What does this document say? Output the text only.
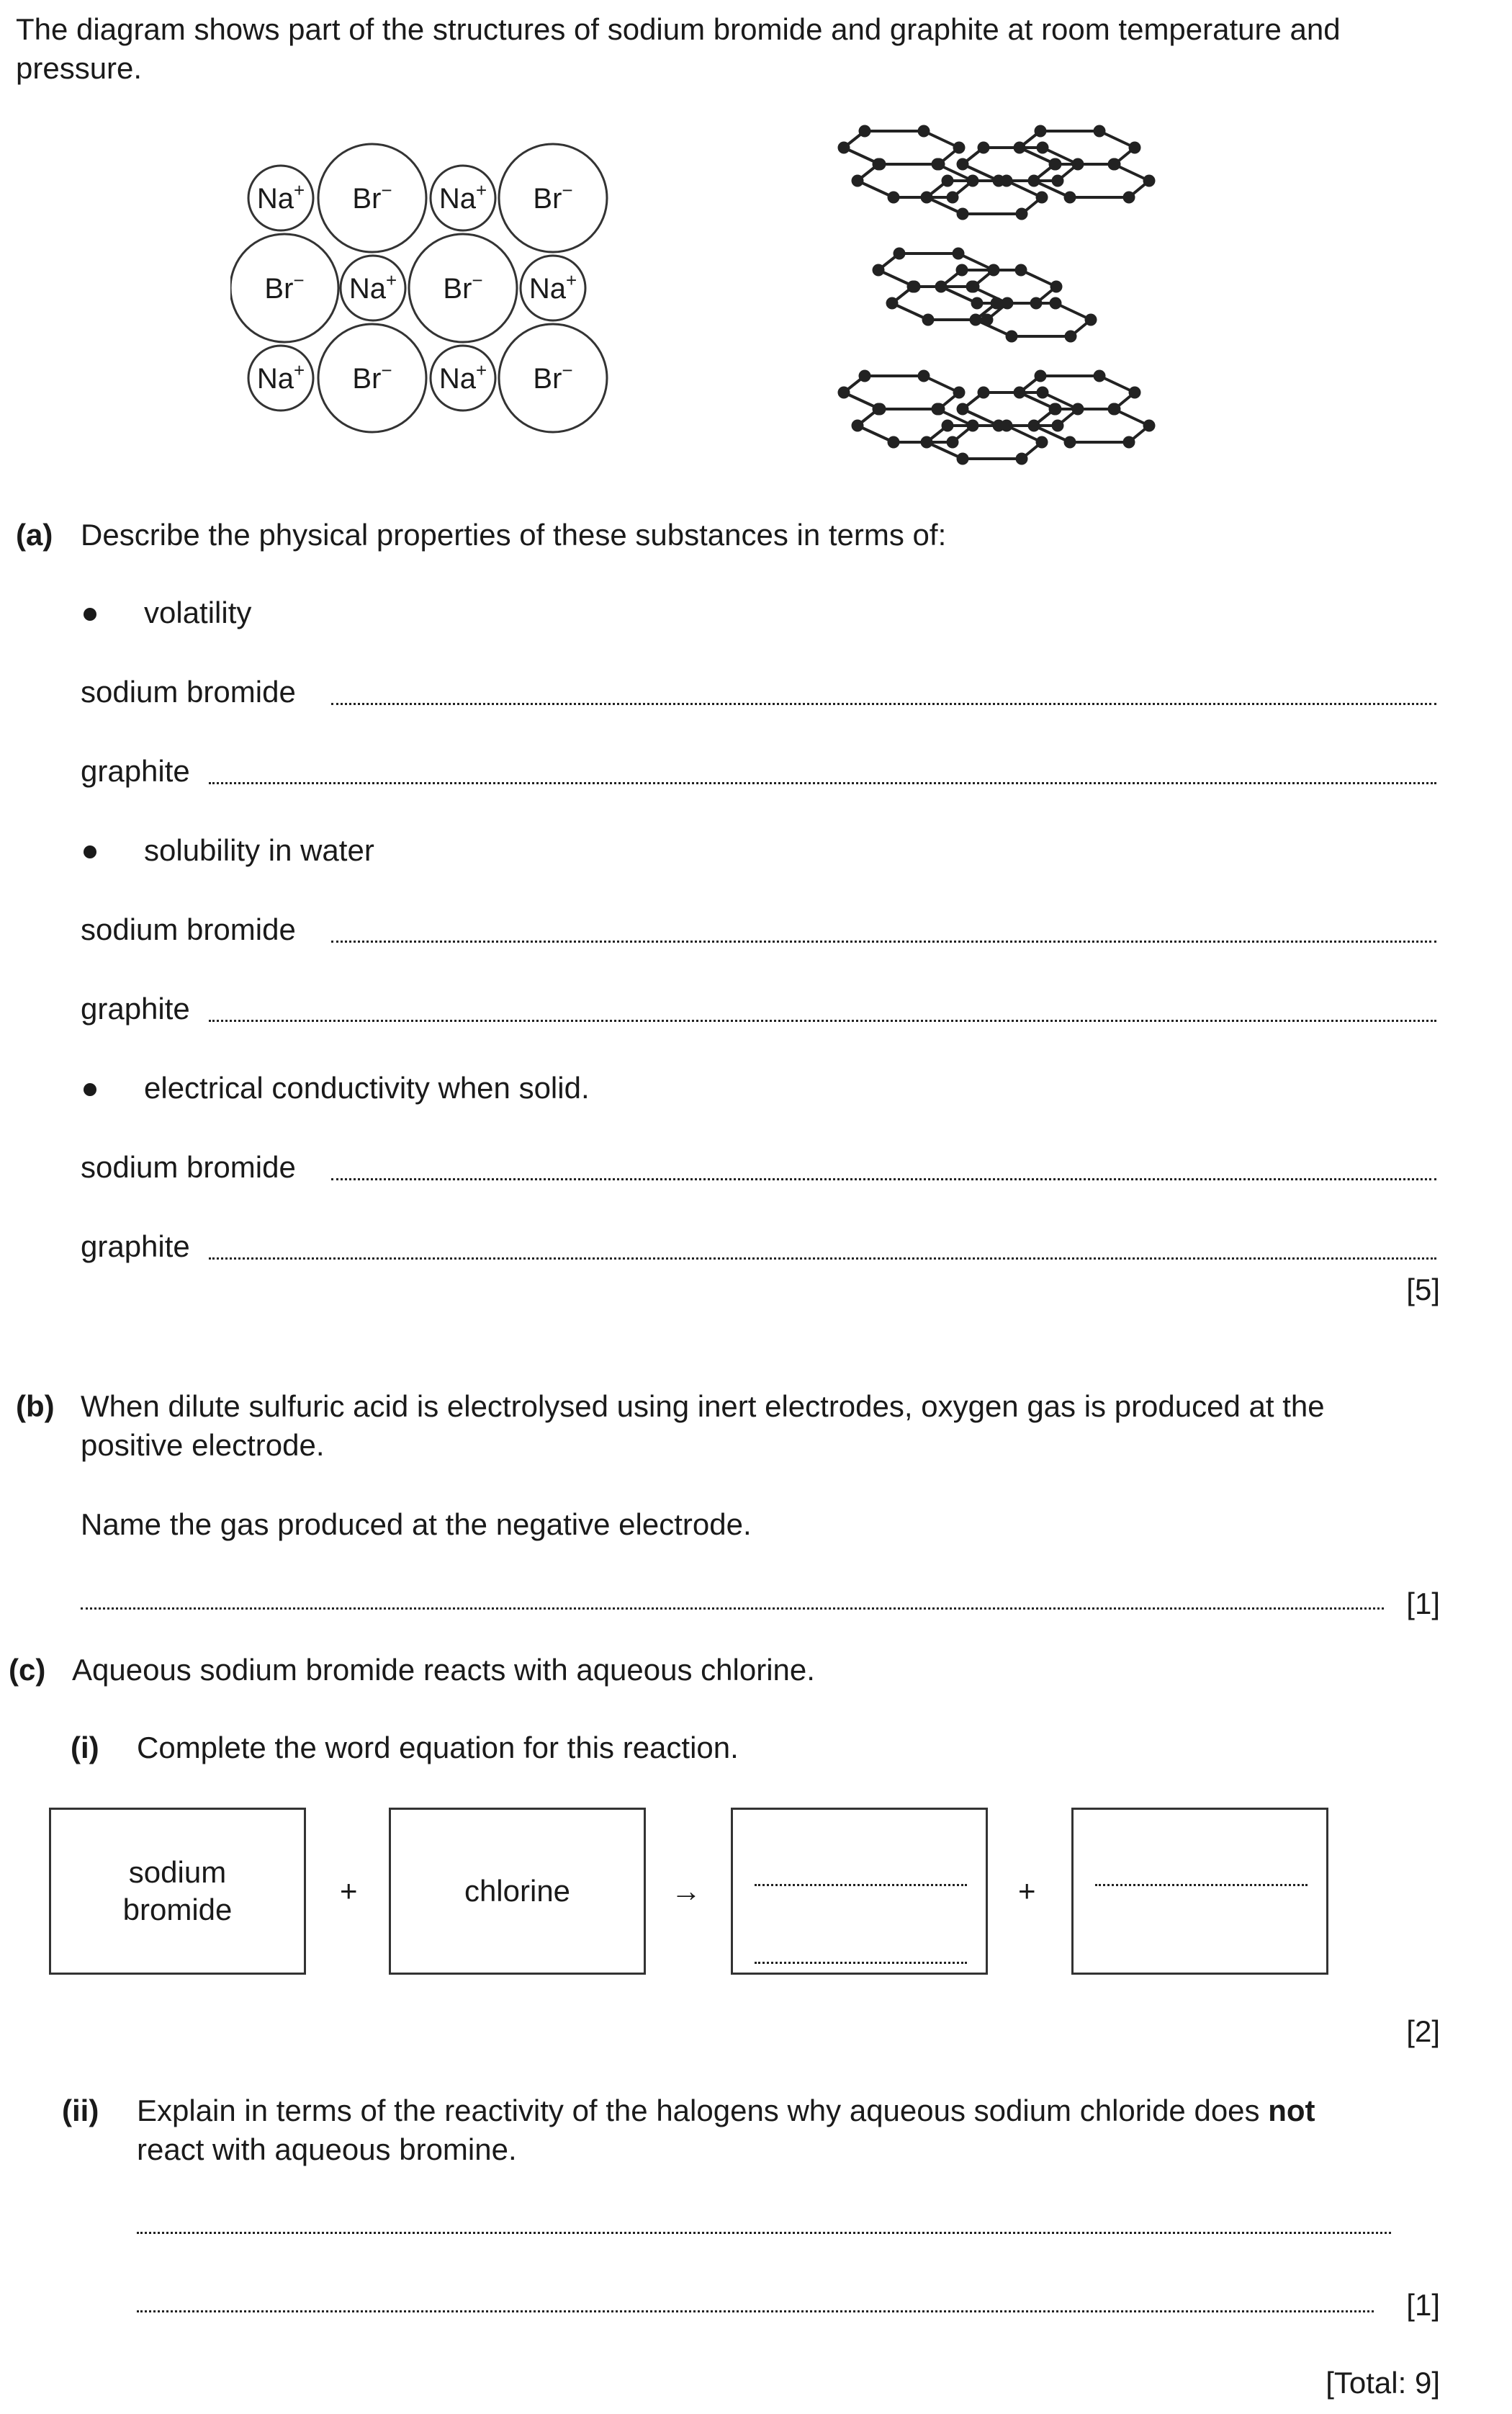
The diagram shows part of the structures of sodium bromide and graphite at room temperature and
pressure.
Na+ Br− Na+ Br−
Br− Na+ Br− Na+
Na+ Br− Na+ Br−
(a) Describe the physical properties of these substances in terms of:
volatility
sodium bromide
graphite
solubility in water
sodium bromide
graphite
electrical conductivity when solid.
sodium bromide
graphite
[5]
(b) When dilute sulfuric acid is electrolysed using inert electrodes, oxygen gas is produced at the
positive electrode.
Name the gas produced at the negative electrode.
[1]
(c) Aqueous sodium bromide reacts with aqueous chlorine.
(i) Complete the word equation for this reaction.
sodium
bromide
+	chlorine	→	+
[2]
(ii) Explain in terms of the reactivity of the halogens why aqueous sodium chloride does not
react with aqueous bromine.
[1]
[Total: 9]
